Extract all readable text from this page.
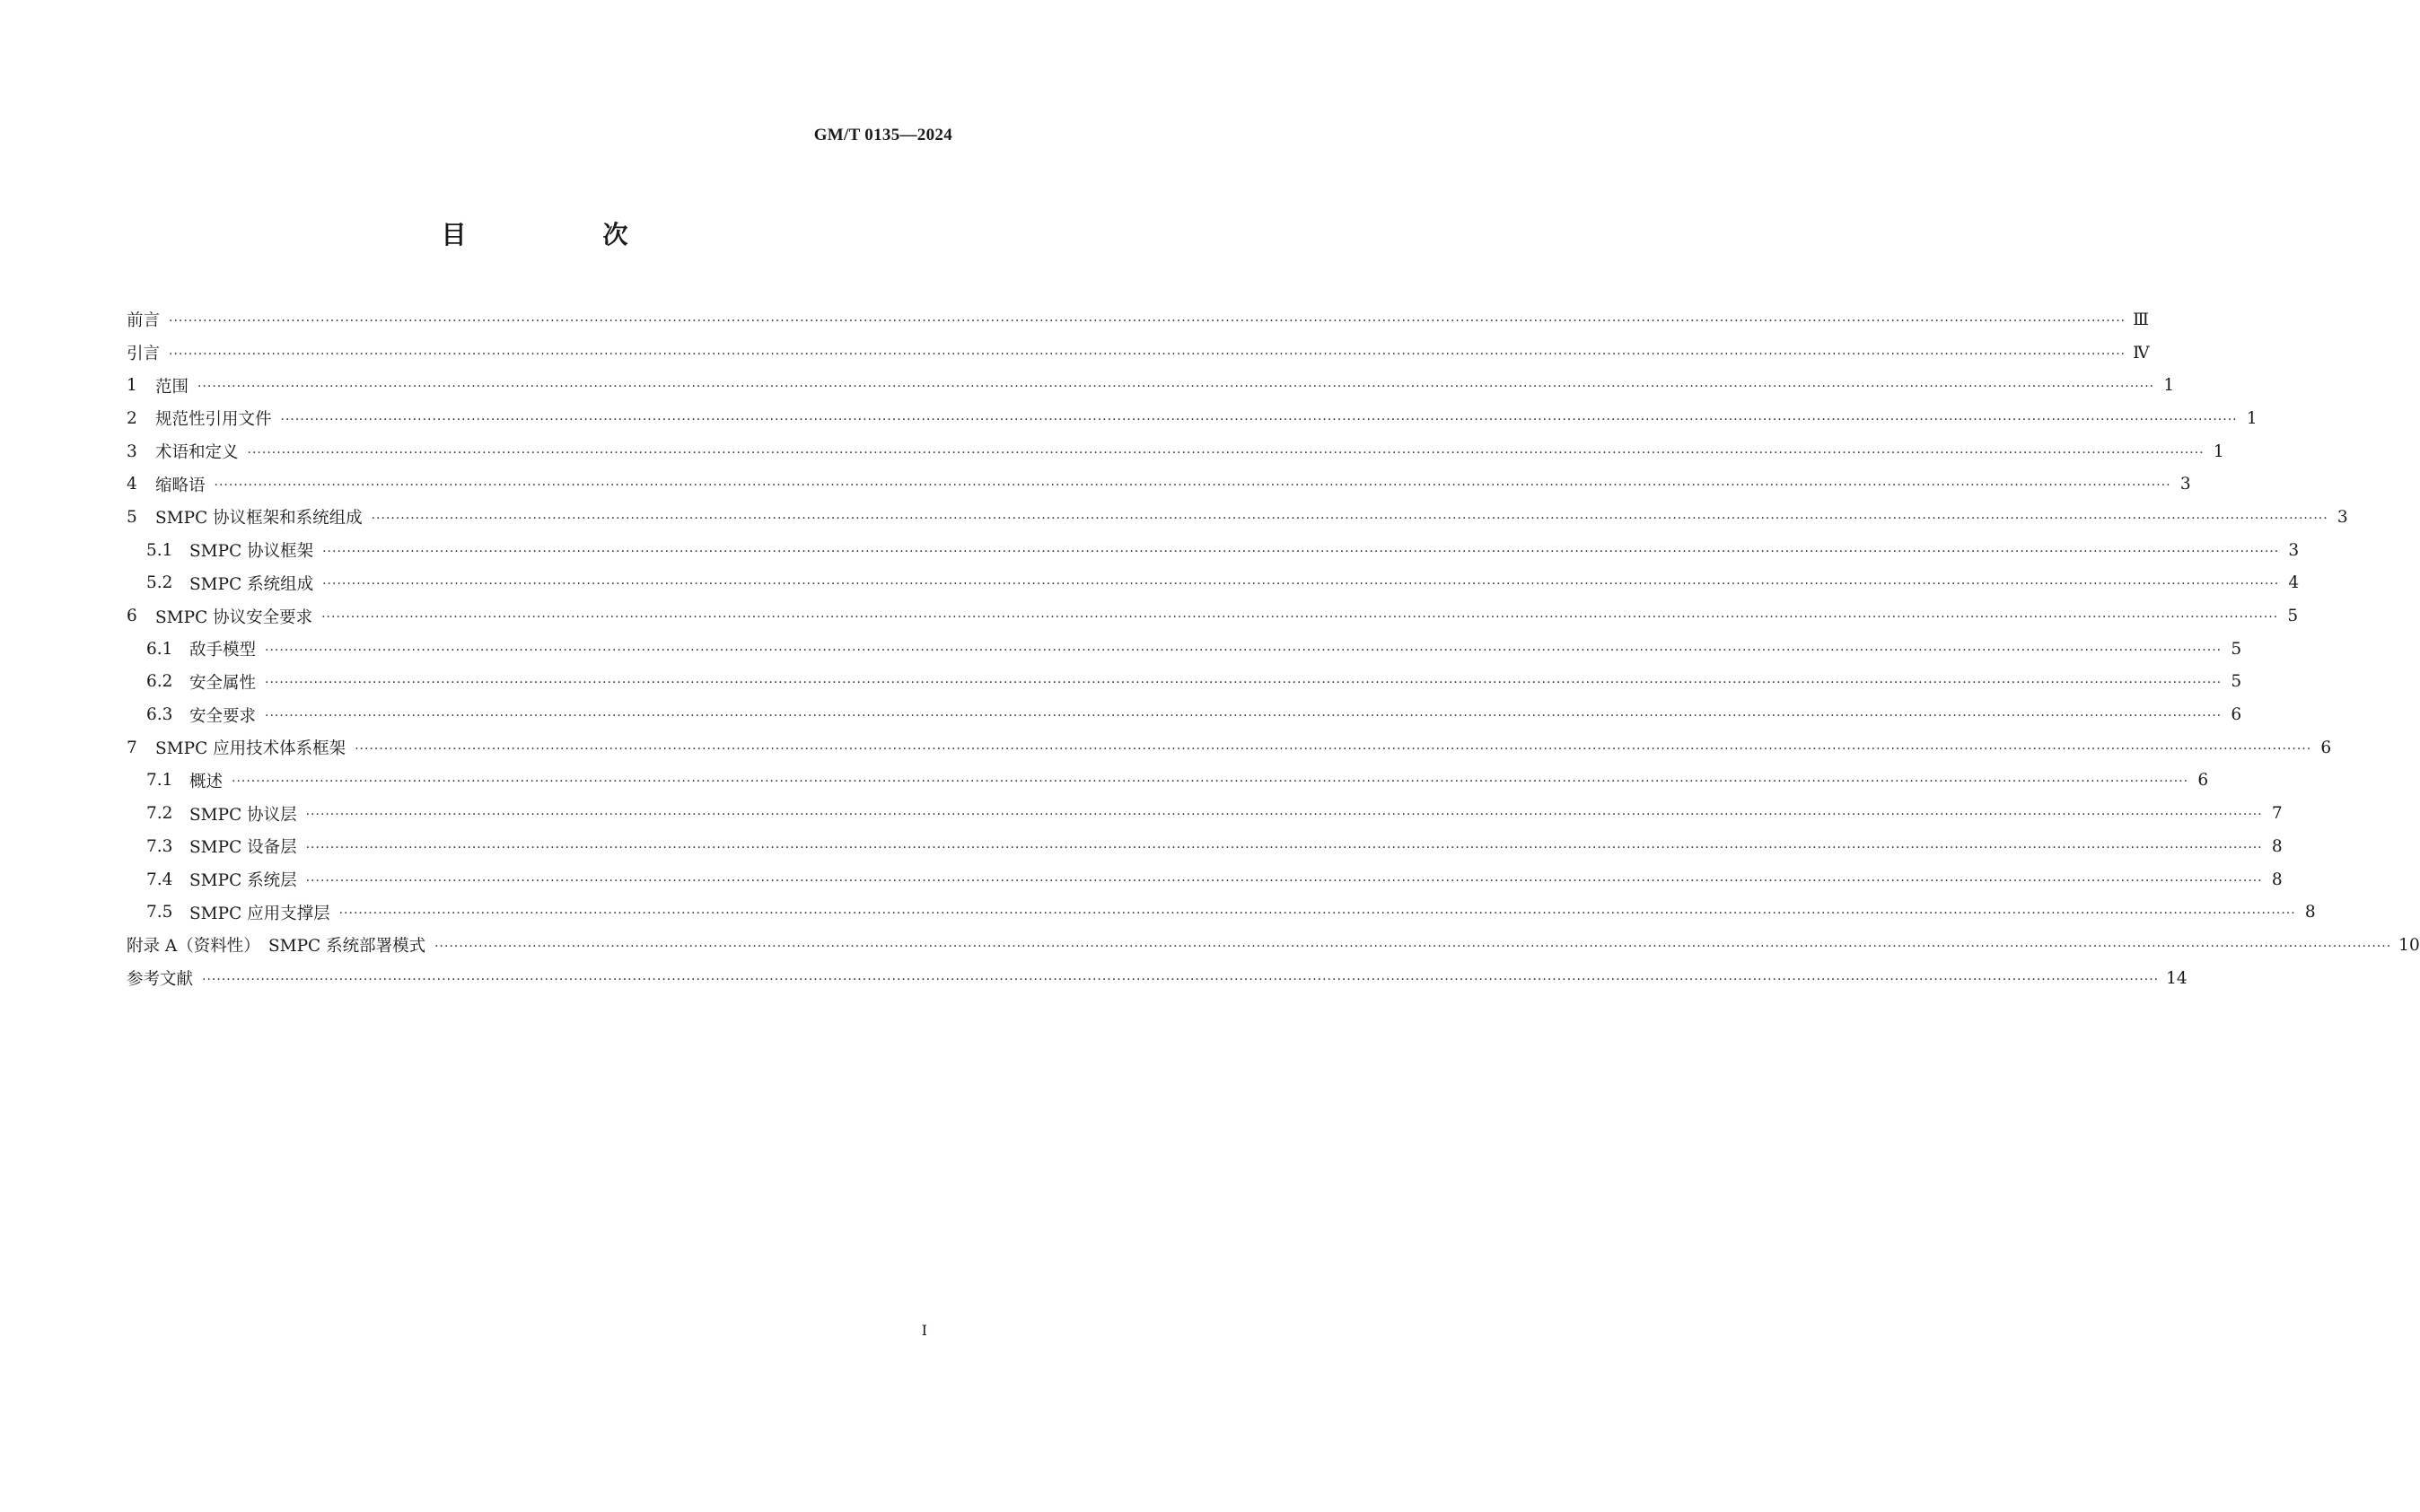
GM/T 0135—2024
目　次
前言 ················································································································································································································································································································································································································ Ⅲ
引言 ················································································································································································································································································································································································································ Ⅳ
1	范围 ················································································································································································································································································································································································································ 1
2	规范性引用文件 ················································································································································································································································································································································································································ 1
3	术语和定义 ················································································································································································································································································································································································································ 1
4	缩略语 ················································································································································································································································································································································································································ 3
5	SMPC 协议框架和系统组成 ················································································································································································································································································································································································································ 3
5.1	SMPC 协议框架 ················································································································································································································································································································································································································ 3
5.2	SMPC 系统组成 ················································································································································································································································································································································································································ 4
6	SMPC 协议安全要求 ················································································································································································································································································································································································································ 5
6.1	敌手模型 ················································································································································································································································································································································································································ 5
6.2	安全属性 ················································································································································································································································································································································································································ 5
6.3	安全要求 ················································································································································································································································································································································································································ 6
7	SMPC 应用技术体系框架 ················································································································································································································································································································································································································ 6
7.1	概述 ················································································································································································································································································································································································································ 6
7.2	SMPC 协议层 ················································································································································································································································································································································································································ 7
7.3	SMPC 设备层 ················································································································································································································································································································································································································ 8
7.4	SMPC 系统层 ················································································································································································································································································································································································································ 8
7.5	SMPC 应用支撑层 ················································································································································································································································································································································································································ 8
附录 A（资料性）　SMPC 系统部署模式 ················································································································································································································································································································································································································ 10
参考文献 ················································································································································································································································································································································································································ 14
Ⅰ
